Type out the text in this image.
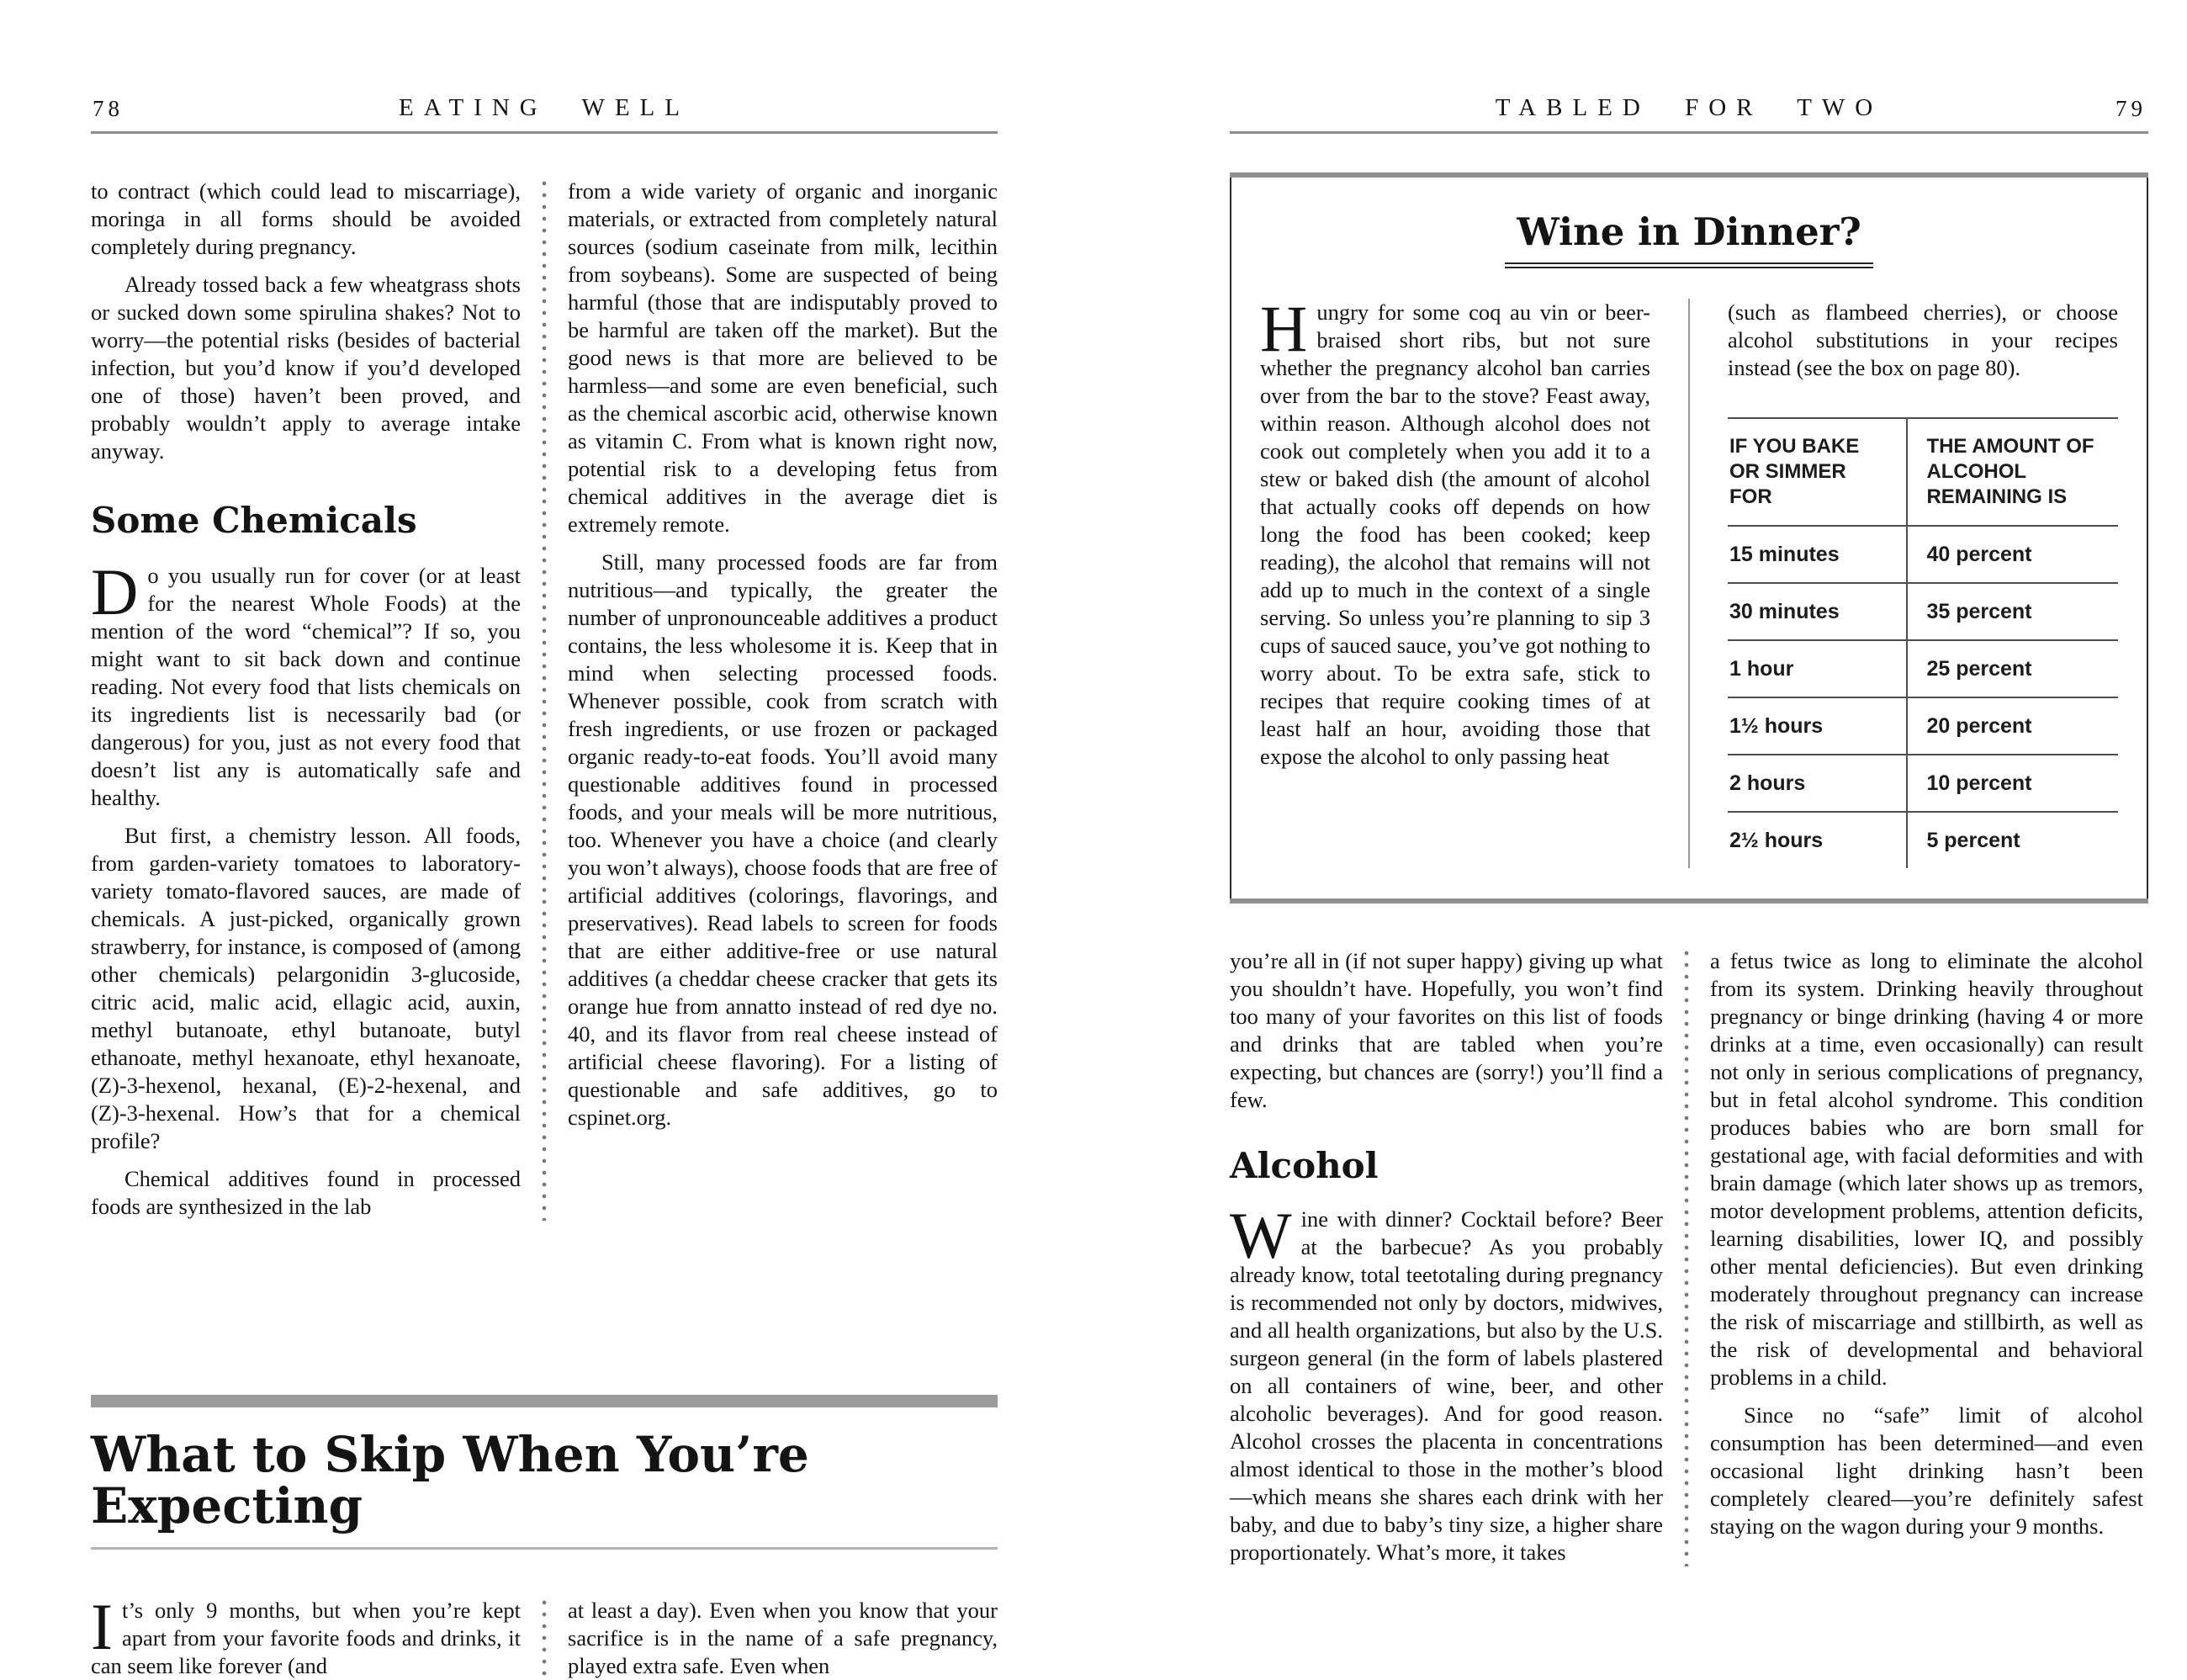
78	EATING WELL

to contract (which could lead to miscarriage), moringa in all forms should be avoided completely during pregnancy.

Already tossed back a few wheatgrass shots or sucked down some spirulina shakes? Not to worry—the potential risks (besides of bacterial infection, but you’d know if you’d developed one of those) haven’t been proved, and probably wouldn’t apply to average intake anyway.

Some Chemicals

Do you usually run for cover (or at least for the nearest Whole Foods) at the mention of the word “chemical”? If so, you might want to sit back down and continue reading. Not every food that lists chemicals on its ingredients list is necessarily bad (or dangerous) for you, just as not every food that doesn’t list any is automatically safe and healthy.

But first, a chemistry lesson. All foods, from garden-variety tomatoes to laboratory-variety tomato-flavored sauces, are made of chemicals. A just-picked, organically grown strawberry, for instance, is composed of (among other chemicals) pelargonidin 3-glucoside, citric acid, malic acid, ellagic acid, auxin, methyl butanoate, ethyl butanoate, butyl ethanoate, methyl hexanoate, ethyl hexanoate, (Z)-3-hexenol, hexanal, (E)-2-hexenal, and (Z)-3-hexenal. How’s that for a chemical profile?

Chemical additives found in processed foods are synthesized in the lab

from a wide variety of organic and inorganic materials, or extracted from completely natural sources (sodium caseinate from milk, lecithin from soybeans). Some are suspected of being harmful (those that are indisputably proved to be harmful are taken off the market). But the good news is that more are believed to be harmless—and some are even beneficial, such as the chemical ascorbic acid, otherwise known as vitamin C. From what is known right now, potential risk to a developing fetus from chemical additives in the average diet is extremely remote.

Still, many processed foods are far from nutritious—and typically, the greater the number of unpronounceable additives a product contains, the less wholesome it is. Keep that in mind when selecting processed foods. Whenever possible, cook from scratch with fresh ingredients, or use frozen or packaged organic ready-to-eat foods. You’ll avoid many questionable additives found in processed foods, and your meals will be more nutritious, too. Whenever you have a choice (and clearly you won’t always), choose foods that are free of artificial additives (colorings, flavorings, and preservatives). Read labels to screen for foods that are either additive-free or use natural additives (a cheddar cheese cracker that gets its orange hue from annatto instead of red dye no. 40, and its flavor from real cheese instead of artificial cheese flavoring). For a listing of questionable and safe additives, go to cspinet.org.

What to Skip When You’re Expecting

It’s only 9 months, but when you’re kept apart from your favorite foods and drinks, it can seem like forever (and

at least a day). Even when you know that your sacrifice is in the name of a safe pregnancy, played extra safe. Even when

TABLED FOR TWO	79
Wine in Dinner?

Hungry for some coq au vin or beer-braised short ribs, but not sure whether the pregnancy alcohol ban carries over from the bar to the stove? Feast away, within reason. Although alcohol does not cook out completely when you add it to a stew or baked dish (the amount of alcohol that actually cooks off depends on how long the food has been cooked; keep reading), the alcohol that remains will not add up to much in the context of a single serving. So unless you’re planning to sip 3 cups of sauced sauce, you’ve got nothing to worry about. To be extra safe, stick to recipes that require cooking times of at least half an hour, avoiding those that expose the alcohol to only passing heat

(such as flambeed cherries), or choose alcohol substitutions in your recipes instead (see the box on page 80).

IF YOU BAKE OR SIMMER FOR	THE AMOUNT OF ALCOHOL REMAINING IS
15 minutes	40 percent
30 minutes	35 percent
1 hour	25 percent
1½ hours	20 percent
2 hours	10 percent
2½ hours	5 percent

you’re all in (if not super happy) giving up what you shouldn’t have. Hopefully, you won’t find too many of your favorites on this list of foods and drinks that are tabled when you’re expecting, but chances are (sorry!) you’ll find a few.

Alcohol

Wine with dinner? Cocktail before? Beer at the barbecue? As you probably already know, total teetotaling during pregnancy is recommended not only by doctors, midwives, and all health organizations, but also by the U.S. surgeon general (in the form of labels plastered on all containers of wine, beer, and other alcoholic beverages). And for good reason. Alcohol crosses the placenta in concentrations almost identical to those in the mother’s blood—which means she shares each drink with her baby, and due to baby’s tiny size, a higher share proportionately. What’s more, it takes

a fetus twice as long to eliminate the alcohol from its system. Drinking heavily throughout pregnancy or binge drinking (having 4 or more drinks at a time, even occasionally) can result not only in serious complications of pregnancy, but in fetal alcohol syndrome. This condition produces babies who are born small for gestational age, with facial deformities and with brain damage (which later shows up as tremors, motor development problems, attention deficits, learning disabilities, lower IQ, and possibly other mental deficiencies). But even drinking moderately throughout pregnancy can increase the risk of miscarriage and stillbirth, as well as the risk of developmental and behavioral problems in a child.

Since no “safe” limit of alcohol consumption has been determined—and even occasional light drinking hasn’t been completely cleared—you’re definitely safest staying on the wagon during your 9 months.
